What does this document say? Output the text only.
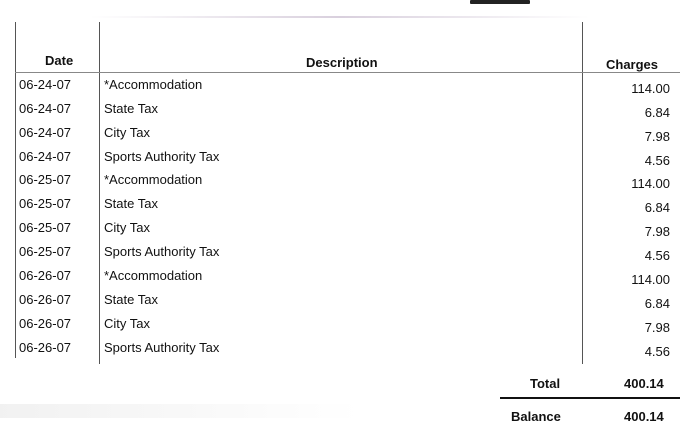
Date	Description	Charges
06-24-07	*Accommodation	114.00
06-24-07	State Tax	6.84
06-24-07	City Tax	7.98
06-24-07	Sports Authority Tax	4.56
06-25-07	*Accommodation	114.00
06-25-07	State Tax	6.84
06-25-07	City Tax	7.98
06-25-07	Sports Authority Tax	4.56
06-26-07	*Accommodation	114.00
06-26-07	State Tax	6.84
06-26-07	City Tax	7.98
06-26-07	Sports Authority Tax	4.56
Total	400.14
Balance	400.14
